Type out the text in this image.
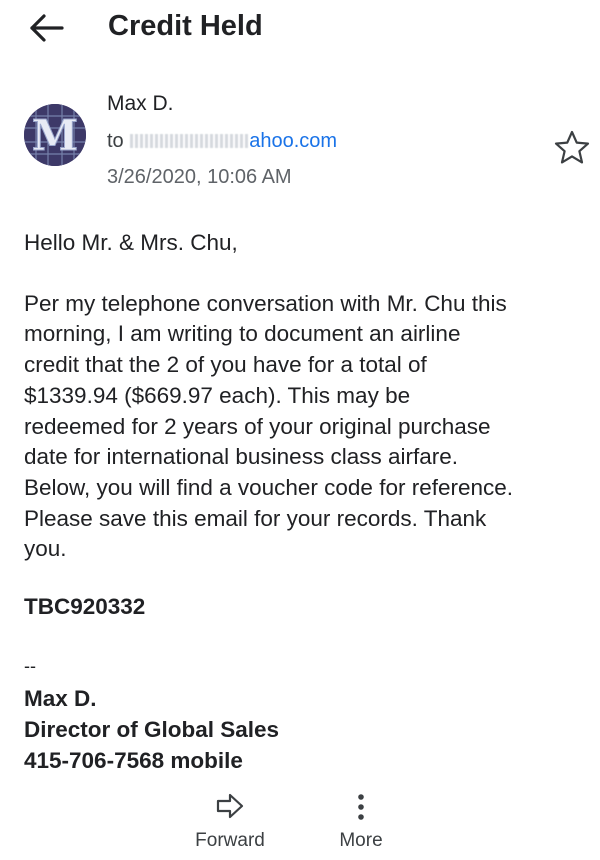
Credit Held
M
Max D.
to	ahoo.com
3/26/2020, 10:06 AM
Hello Mr. & Mrs. Chu,
Per my telephone conversation with Mr. Chu this
morning, I am writing to document an airline
credit that the 2 of you have for a total of
$1339.94 ($669.97 each). This may be
redeemed for 2 years of your original purchase
date for international business class airfare.
Below, you will find a voucher code for reference.
Please save this email for your records. Thank
you.
TBC920332
--
Max D.
Director of Global Sales
415-706-7568 mobile
Forward	More
